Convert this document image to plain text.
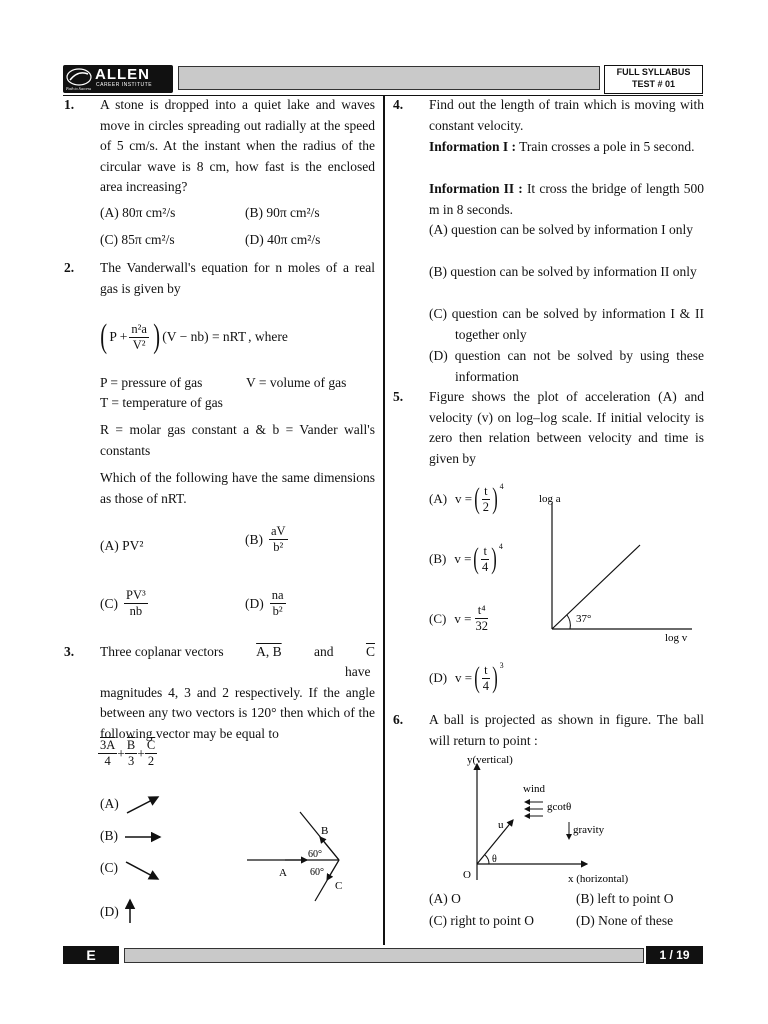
ALLEN
CAREER INSTITUTE
Path to Success
FULL SYLLABUS
TEST # 01
1. A stone is dropped into a quiet lake and waves move in circles spreading out radially at the speed of 5 cm/s. At the instant when the radius of the circular wave is 8 cm, how fast is the enclosed area increasing?
(A) 80π cm²/s	(B) 90π cm²/s
(C) 85π cm²/s	(D) 40π cm²/s
2. The Vanderwall's equation for n moles of a real gas is given by
( $P + \frac{\text{n²a}}{\text{V²}}$ ) (V − nb) = nRT , where
P = pressure of gas	V = volume of gas
T = temperature of gas
R = molar gas constant a & b = Vander wall's constants
Which of the following have the same dimensions as those of nRT.
(A) PV²	$(B) \frac{aV}{\text{b²}}$
$(C) \frac{\text{PV³}}{nb}$	$(D) \frac{na}{\text{b²}}$
3. Three coplanar vectors A, B and $\overline{C}$
have magnitudes 4, 3 and 2 respectively. If the angle between any two vectors is 120° then which of the following vector may be equal to
$\frac{3A}{4} + \frac{\overline{B}}{3} + \frac{\overline{C}}{2}$
(A)
(B)
(C)
(D)
B
A
C
60°
60°
4. Find out the length of train which is moving with constant velocity.
Information I : Train crosses a pole in 5 second.
Information II : It cross the bridge of length 500 m in 8 seconds.
(A) question can be solved by information I only
(B) question can be solved by information II only
(C) question can be solved by information I & II together only
(D) question can not be solved by using these information
5. Figure shows the plot of acceleration (A) and velocity (v) on log–log scale. If initial velocity is zero then relation between velocity and time is given by
(A) v = ( $\frac{t}{2}$ ) $^4$
(B) v = ( $\frac{t}{4}$ ) $^4$
(C) $v = \frac{\text{t⁴}}{32}$
(D) v = ( $\frac{t}{4}$ ) $^3$
log a
log v
37°
6. A ball is projected as shown in figure. The ball will return to point :
y(vertical)
x (horizontal)
O
wind
gcotθ
gravity
u
θ
(A) O	(B) left to point O
(C) right to point O	(D) None of these
E	1 / 19
